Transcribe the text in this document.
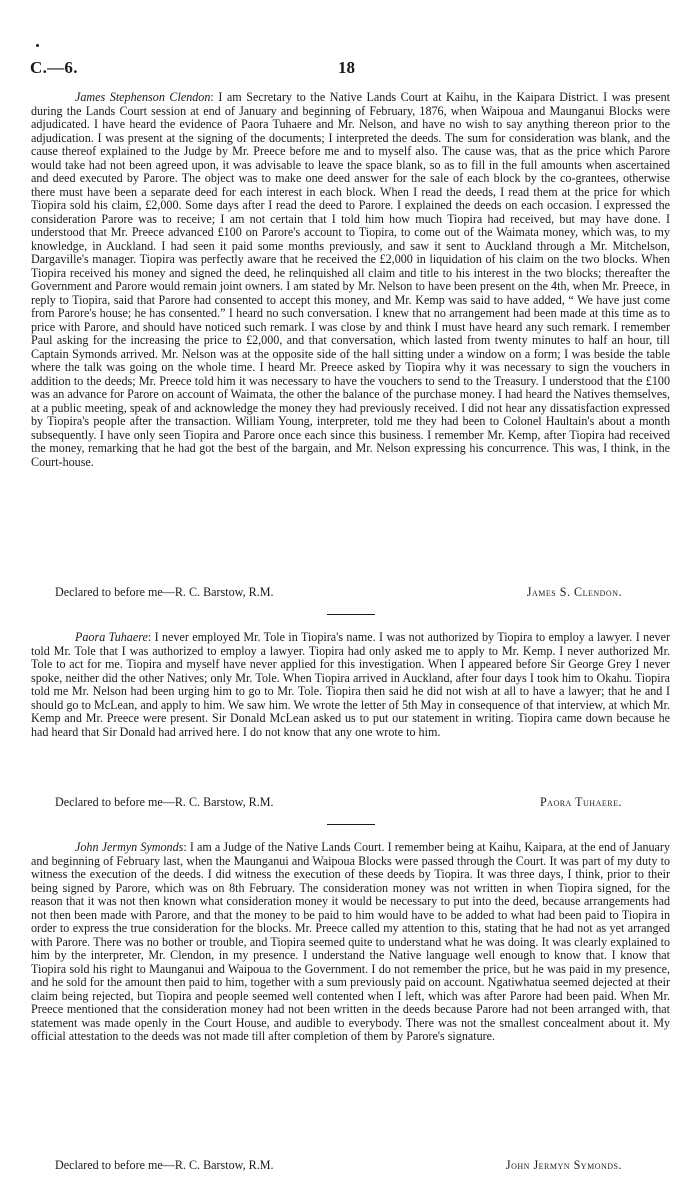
C.—6.	18

James Stephenson Clendon: I am Secretary to the Native Lands Court at Kaihu, in the Kaipara District. I was present during the Lands Court session at end of January and beginning of February, 1876, when Waipoua and Maunganui Blocks were adjudicated. I have heard the evidence of Paora Tuhaere and Mr. Nelson, and have no wish to say anything thereon prior to the adjudication. I was present at the signing of the documents; I interpreted the deeds. The sum for consideration was blank, and the cause thereof explained to the Judge by Mr. Preece before me and to myself also. The cause was, that as the price which Parore would take had not been agreed upon, it was advisable to leave the space blank, so as to fill in the full amounts when ascertained and deed executed by Parore. The object was to make one deed answer for the sale of each block by the co-grantees, otherwise there must have been a separate deed for each interest in each block. When I read the deeds, I read them at the price for which Tiopira sold his claim, £2,000. Some days after I read the deed to Parore. I explained the deeds on each occasion. I expressed the consideration Parore was to receive; I am not certain that I told him how much Tiopira had received, but may have done. I understood that Mr. Preece advanced £100 on Parore's account to Tiopira, to come out of the Waimata money, which was, to my knowledge, in Auckland. I had seen it paid some months previously, and saw it sent to Auckland through a Mr. Mitchelson, Dargaville's manager. Tiopira was perfectly aware that he received the £2,000 in liquidation of his claim on the two blocks. When Tiopira received his money and signed the deed, he relinquished all claim and title to his interest in the two blocks; thereafter the Government and Parore would remain joint owners. I am stated by Mr. Nelson to have been present on the 4th, when Mr. Preece, in reply to Tiopira, said that Parore had consented to accept this money, and Mr. Kemp was said to have added, “ We have just come from Parore's house; he has consented.” I heard no such conversation. I knew that no arrangement had been made at this time as to price with Parore, and should have noticed such remark. I was close by and think I must have heard any such remark. I remember Paul asking for the increasing the price to £2,000, and that conversation, which lasted from twenty minutes to half an hour, till Captain Symonds arrived. Mr. Nelson was at the opposite side of the hall sitting under a window on a form; I was beside the table where the talk was going on the whole time. I heard Mr. Preece asked by Tiopira why it was necessary to sign the vouchers in addition to the deeds; Mr. Preece told him it was necessary to have the vouchers to send to the Treasury. I understood that the £100 was an advance for Parore on account of Waimata, the other the balance of the purchase money. I had heard the Natives themselves, at a public meeting, speak of and acknowledge the money they had previously received. I did not hear any dissatisfaction expressed by Tiopira's people after the transaction. William Young, interpreter, told me they had been to Colonel Haultain's about a month subsequently. I have only seen Tiopira and Parore once each since this business. I remember Mr. Kemp, after Tiopira had received the money, remarking that he had got the best of the bargain, and Mr. Nelson expressing his concurrence. This was, I think, in the Court-house.

Declared to before me—R. C. Barstow, R.M.	James S. Clendon.

Paora Tuhaere: I never employed Mr. Tole in Tiopira's name. I was not authorized by Tiopira to employ a lawyer. I never told Mr. Tole that I was authorized to employ a lawyer. Tiopira had only asked me to apply to Mr. Kemp. I never authorized Mr. Tole to act for me. Tiopira and myself have never applied for this investigation. When I appeared before Sir George Grey I never spoke, neither did the other Natives; only Mr. Tole. When Tiopira arrived in Auckland, after four days I took him to Okahu. Tiopira told me Mr. Nelson had been urging him to go to Mr. Tole. Tiopira then said he did not wish at all to have a lawyer; that he and I should go to McLean, and apply to him. We saw him. We wrote the letter of 5th May in consequence of that interview, at which Mr. Kemp and Mr. Preece were present. Sir Donald McLean asked us to put our statement in writing. Tiopira came down because he had heard that Sir Donald had arrived here. I do not know that any one wrote to him.

Declared to before me—R. C. Barstow, R.M.	Paora Tuhaere.

John Jermyn Symonds: I am a Judge of the Native Lands Court. I remember being at Kaihu, Kaipara, at the end of January and beginning of February last, when the Maunganui and Waipoua Blocks were passed through the Court. It was part of my duty to witness the execution of the deeds. I did witness the execution of these deeds by Tiopira. It was three days, I think, prior to their being signed by Parore, which was on 8th February. The consideration money was not written in when Tiopira signed, for the reason that it was not then known what consideration money it would be necessary to put into the deed, because arrangements had not then been made with Parore, and that the money to be paid to him would have to be added to what had been paid to Tiopira in order to express the true consideration for the blocks. Mr. Preece called my attention to this, stating that he had not as yet arranged with Parore. There was no bother or trouble, and Tiopira seemed quite to understand what he was doing. It was clearly explained to him by the interpreter, Mr. Clendon, in my presence. I understand the Native language well enough to know that. I know that Tiopira sold his right to Maunganui and Waipoua to the Government. I do not remember the price, but he was paid in my presence, and he sold for the amount then paid to him, together with a sum previously paid on account. Ngatiwhatua seemed dejected at their claim being rejected, but Tiopira and people seemed well contented when I left, which was after Parore had been paid. When Mr. Preece mentioned that the consideration money had not been written in the deeds because Parore had not been arranged with, that statement was made openly in the Court House, and audible to everybody. There was not the smallest concealment about it. My official attestation to the deeds was not made till after completion of them by Parore's signature.

Declared to before me—R. C. Barstow, R.M.	John Jermyn Symonds.
